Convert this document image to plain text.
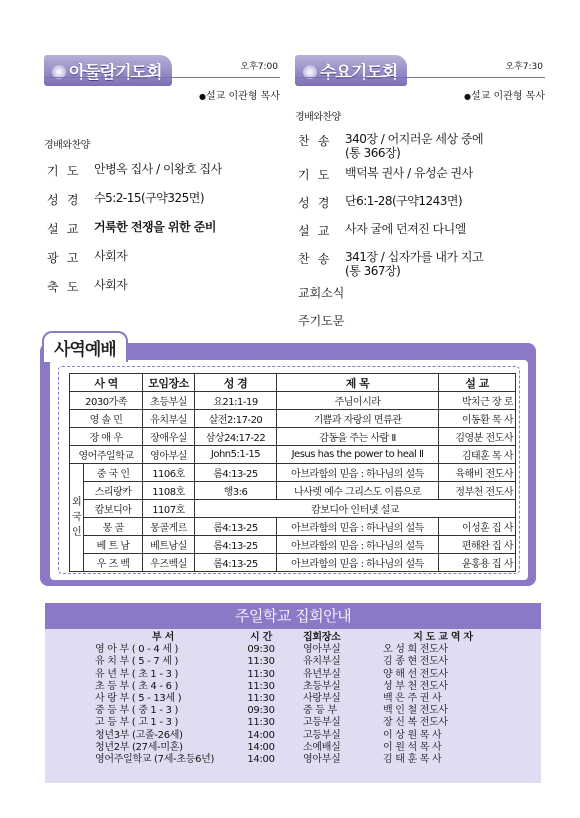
아둘람기도회	오후7:00
●설교 이관형 목사
경배와찬양
기 도 안병옥 집사 / 이왕호 집사
성 경 수5:2-15(구약325면)
설 교 거룩한 전쟁을 위한 준비
광 고 사회자
축 도 사회자
수요기도회	오후7:30
●설교 이관형 목사
경배와찬양
찬 송 340장 / 어지러운 세상 중에
(통 366장)
기 도 백덕복 권사 / 유성순 권사
성 경 단6:1-28(구약1243면)
설 교 사자 굴에 던져진 다니엘
찬 송 341장 / 십자가를 내가 지고
(통 367장)
교회소식
주기도문
사역예배
사 역		모임장소	성 경	제 목	설 교
2030가족		초등부실	요21:1-19	주님이시라	박치근 장 로
영 솔 민		유치부실	살전2:17-20	기쁨과 자랑의 면류관	이동환 목 사
장 애 우		장애우실	삼상24:17-22	감동을 주는 사람 Ⅱ	김영분 전도사
영어주일학교		영아부실	John5:1-15	Jesus has the power to heal Ⅱ	김태훈 목 사

외
국
인	중 국 인	1106호	롬4:13-25	아브라함의 믿음 : 하나님의 설득	육해비 전도사
	스리랑카	1108호	행3:6	나사렛 예수 그리스도 이름으로	정부천 전도사
	캄보디아	1107호	캄보디아 인터넷 설교		
	몽 골	몽골게르	롬4:13-25	아브라함의 믿음 : 하나님의 설득	이성훈 집 사
	베 트 남	베트남실	롬4:13-25	아브라함의 믿음 : 하나님의 설득	편해완 집 사
	우 즈 벡	우즈벡실	롬4:13-25	아브라함의 믿음 : 하나님의 설득	윤홍용 집 사
주일학교 집회안내
부 서	시 간	집회장소	지 도 교 역 자
영 아 부 ( 0 - 4 세 )	09:30	영아부실	오 성 희 전도사
유 치 부 ( 5 - 7 세 )	11:30	유치부실	김 종 현 전도사
유 년 부 ( 초 1 - 3 )	11:30	유년부실	양 해 선 전도사
초 등 부 ( 초 4 - 6 )	11:30	초등부실	성 부 천 전도사
사 랑 부 ( 5 - 13세 )	11:30	사랑부실	백 은 주 권 사
중 등 부 ( 중 1 - 3 )	09:30	중 등 부	백 인 철 전도사
고 등 부 ( 고 1 - 3 )	11:30	고등부실	장 신 복 전도사
청년3부 (고졸-26세)	14:00	고등부실	이 상 원 목 사
청년2부 (27세-미혼)	14:00	소예배실	이 원 석 목 사
영어주일학교 (7세-초등6년)	14:00	영아부실	김 태 훈 목 사
